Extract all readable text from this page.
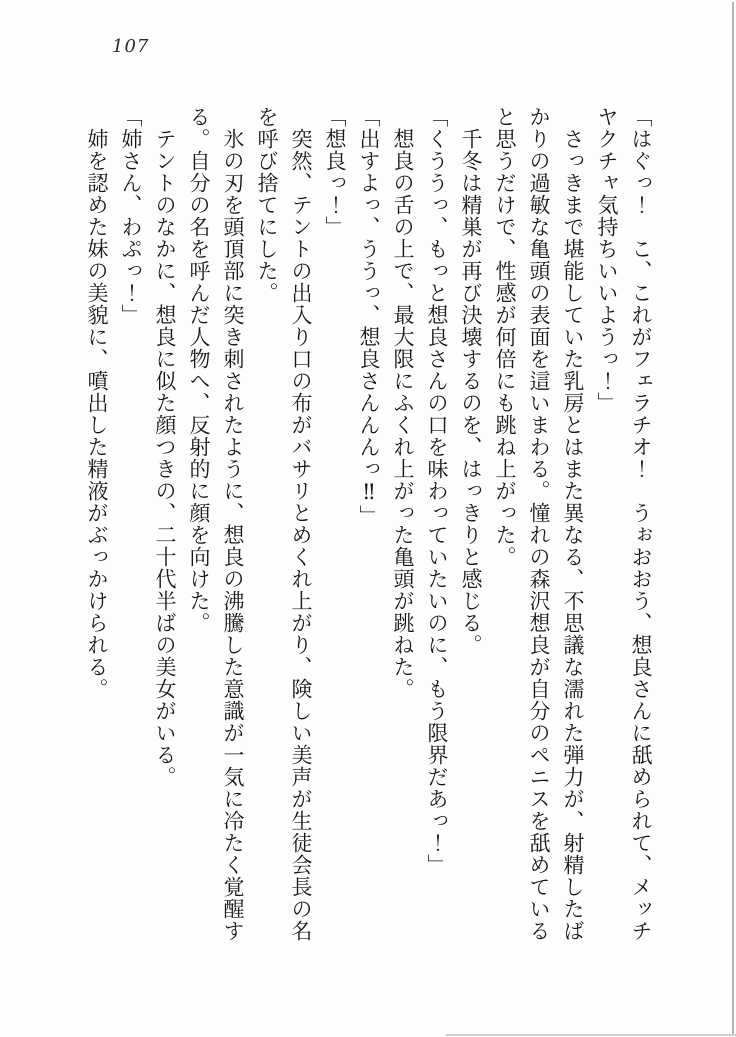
107

「はぐっ！　こ、これがフェラチオ！　うぉおおう、想良さんに舐められて、メッチ

ヤクチャ気持ちいいようっ！」

　さっきまで堪能していた乳房とはまた異なる、不思議な濡れた弾力が、射精したば

かりの過敏な亀頭の表面を這いまわる。憧れの森沢想良が自分のペニスを舐めている

と思うだけで、性感が何倍にも跳ね上がった。

　千冬は精巣が再び決壊するのを、はっきりと感じる。

「くううっ、もっと想良さんの口を味わっていたいのに、もう限界だあっ！」

　想良の舌の上で、最大限にふくれ上がった亀頭が跳ねた。

「出すよっ、ううっ、想良さんんんっ‼」

「想良っ！」

　突然、テントの出入り口の布がバサリとめくれ上がり、険しい美声が生徒会長の名

を呼び捨てにした。

　氷の刃を頭頂部に突き刺されたように、想良の沸騰した意識が一気に冷たく覚醒す

る。自分の名を呼んだ人物へ、反射的に顔を向けた。

　テントのなかに、想良に似た顔つきの、二十代半ばの美女がいる。

「姉さん、わぷっ！」

　姉を認めた妹の美貌に、噴出した精液がぶっかけられる。
